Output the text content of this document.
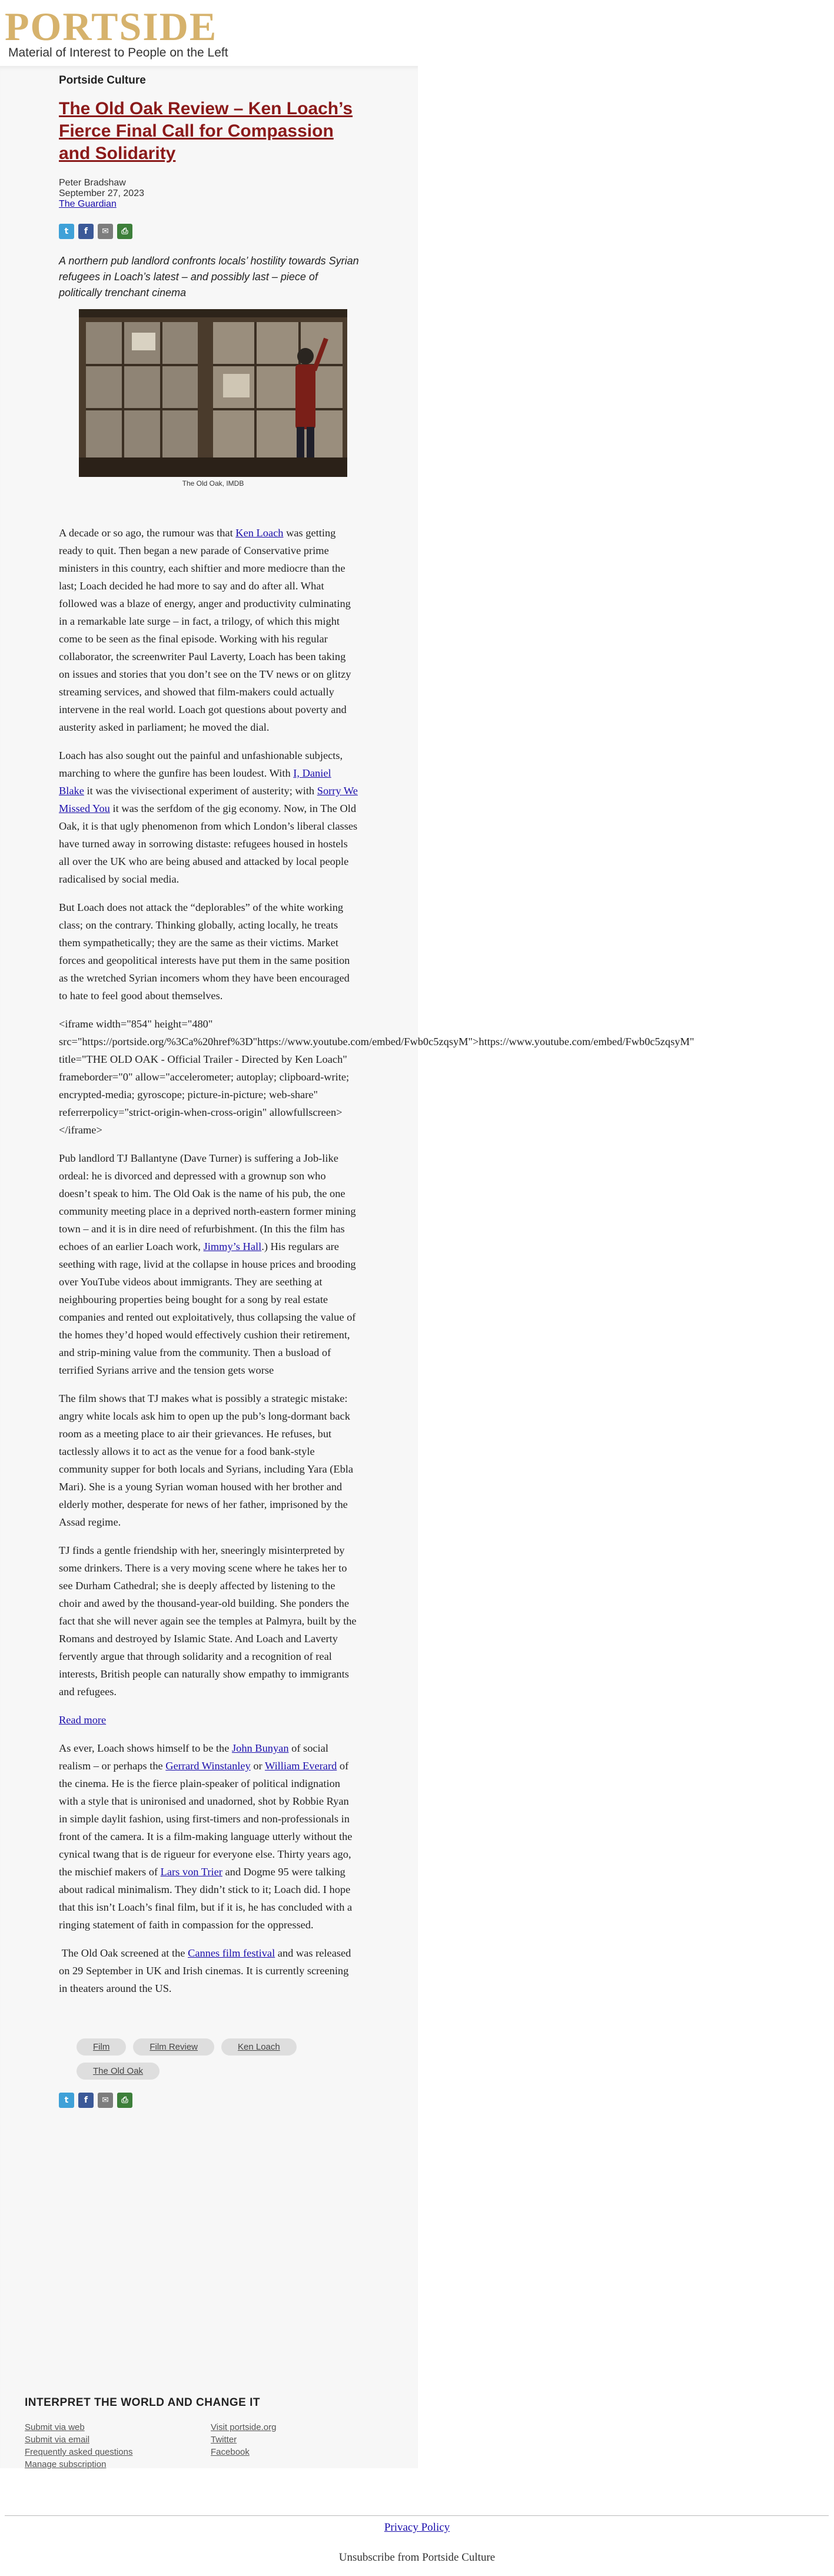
PORTSIDE
Material of Interest to People on the Left
Portside Culture
The Old Oak Review – Ken Loach’s Fierce Final Call for Compassion and Solidarity
Peter Bradshaw
September 27, 2023
The Guardian
t	f	✉	⎙
A northern pub landlord confronts locals’ hostility towards Syrian refugees in Loach’s latest – and possibly last – piece of politically trenchant cinema
The Old Oak, IMDB

A decade or so ago, the rumour was that Ken Loach was getting ready to quit. Then began a new parade of Conservative prime ministers in this country, each shiftier and more mediocre than the last; Loach decided he had more to say and do after all. What followed was a blaze of energy, anger and productivity culminating in a remarkable late surge – in fact, a trilogy, of which this might come to be seen as the final episode. Working with his regular collaborator, the screenwriter Paul Laverty, Loach has been taking on issues and stories that you don’t see on the TV news or on glitzy streaming services, and showed that film-makers could actually intervene in the real world. Loach got questions about poverty and austerity asked in parliament; he moved the dial.

Loach has also sought out the painful and unfashionable subjects, marching to where the gunfire has been loudest. With I, Daniel Blake it was the vivisectional experiment of austerity; with Sorry We Missed You it was the serfdom of the gig economy. Now, in The Old Oak, it is that ugly phenomenon from which London’s liberal classes have turned away in sorrowing distaste: refugees housed in hostels all over the UK who are being abused and attacked by local people radicalised by social media.

But Loach does not attack the “deplorables” of the white working class; on the contrary. Thinking globally, acting locally, he treats them sympathetically; they are the same as their victims. Market forces and geopolitical interests have put them in the same position as the wretched Syrian incomers whom they have been encouraged to hate to feel good about themselves.

<iframe width="854" height="480"
src="https://portside.org/%3Ca%20href%3D"https://www.youtube.com/embed/Fwb0c5zqsyM">https://www.youtube.com/embed/Fwb0c5zqsyM" title="THE OLD OAK - Official Trailer - Directed by Ken Loach" frameborder="0" allow="accelerometer; autoplay; clipboard-write; encrypted-media; gyroscope; picture-in-picture; web-share" referrerpolicy="strict-origin-when-cross-origin" allowfullscreen></iframe>

Pub landlord TJ Ballantyne (Dave Turner) is suffering a Job-like ordeal: he is divorced and depressed with a grownup son who doesn’t speak to him. The Old Oak is the name of his pub, the one community meeting place in a deprived north-eastern former mining town – and it is in dire need of refurbishment. (In this the film has echoes of an earlier Loach work, Jimmy’s Hall.) His regulars are seething with rage, livid at the collapse in house prices and brooding over YouTube videos about immigrants. They are seething at neighbouring properties being bought for a song by real estate companies and rented out exploitatively, thus collapsing the value of the homes they’d hoped would effectively cushion their retirement, and strip-mining value from the community. Then a busload of terrified Syrians arrive and the tension gets worse

The film shows that TJ makes what is possibly a strategic mistake: angry white locals ask him to open up the pub’s long-dormant back room as a meeting place to air their grievances. He refuses, but tactlessly allows it to act as the venue for a food bank-style community supper for both locals and Syrians, including Yara (Ebla Mari). She is a young Syrian woman housed with her brother and elderly mother, desperate for news of her father, imprisoned by the Assad regime.

TJ finds a gentle friendship with her, sneeringly misinterpreted by some drinkers. There is a very moving scene where he takes her to see Durham Cathedral; she is deeply affected by listening to the choir and awed by the thousand-year-old building. She ponders the fact that she will never again see the temples at Palmyra, built by the Romans and destroyed by Islamic State. And Loach and Laverty fervently argue that through solidarity and a recognition of real interests, British people can naturally show empathy to immigrants and refugees.

Read more

As ever, Loach shows himself to be the John Bunyan of social realism – or perhaps the Gerrard Winstanley or William Everard of the cinema. He is the fierce plain-speaker of political indignation with a style that is unironised and unadorned, shot by Robbie Ryan in simple daylit fashion, using first-timers and non-professionals in front of the camera. It is a film-making language utterly without the cynical twang that is de rigueur for everyone else. Thirty years ago, the mischief makers of Lars von Trier and Dogme 95 were talking about radical minimalism. They didn’t stick to it; Loach did. I hope that this isn’t Loach’s final film, but if it is, he has concluded with a ringing statement of faith in compassion for the oppressed.

The Old Oak screened at the Cannes film festival and was released on 29 September in UK and Irish cinemas. It is currently screening in theaters around the US.

Film	Film Review	Ken Loach
The Old Oak
t	f	✉	⎙
INTERPRET THE WORLD AND CHANGE IT
Submit via web
Submit via email
Frequently asked questions
Manage subscription
Visit portside.org
Twitter
Facebook
Privacy Policy
Unsubscribe from Portside Culture
